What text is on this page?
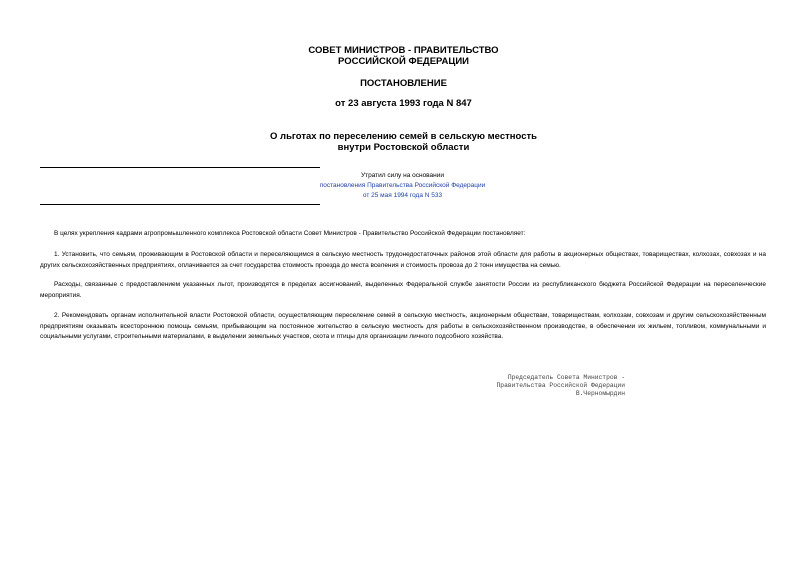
СОВЕТ МИНИСТРОВ - ПРАВИТЕЛЬСТВО
РОССИЙСКОЙ ФЕДЕРАЦИИ
ПОСТАНОВЛЕНИЕ
от 23 августа 1993 года N 847
О льготах по переселению семей в сельскую местность
внутри Ростовской области
Утратил силу на основании
постановления Правительства Российской Федерации
от 25 мая 1994 года N 533

В целях укрепления кадрами агропромышленного комплекса Ростовской области Совет Министров - Правительство Российской Федерации постановляет:

1. Установить, что семьям, проживающим в Ростовской области и переселяющимся в сельскую местность трудонедостаточных районов этой области для работы в акционерных обществах, товариществах, колхозах, совхозах и на других сельскохозяйственных предприятиях, оплачивается за счет государства стоимость проезда до места вселения и стоимость провоза до 2 тонн имущества на семью.

Расходы, связанные с предоставлением указанных льгот, производятся в пределах ассигнований, выделенных Федеральной службе занятости России из республиканского бюджета Российской Федерации на переселенческие мероприятия.

2. Рекомендовать органам исполнительной власти Ростовской области, осуществляющим переселение семей в сельскую местность, акционерным обществам, товариществам, колхозам, совхозам и другим сельскохозяйственным предприятиям оказывать всестороннюю помощь семьям, прибывающим на постоянное жительство в сельскую местность для работы в сельскохозяйственном производстве, в обеспечении их жильем, топливом, коммунальными и социальными услугами, строительными материалами, в выделении земельных участков, скота и птицы для организации личного подсобного хозяйства.

Председатель Совета Министров -
Правительства Российской Федерации
В.Черномырдин
